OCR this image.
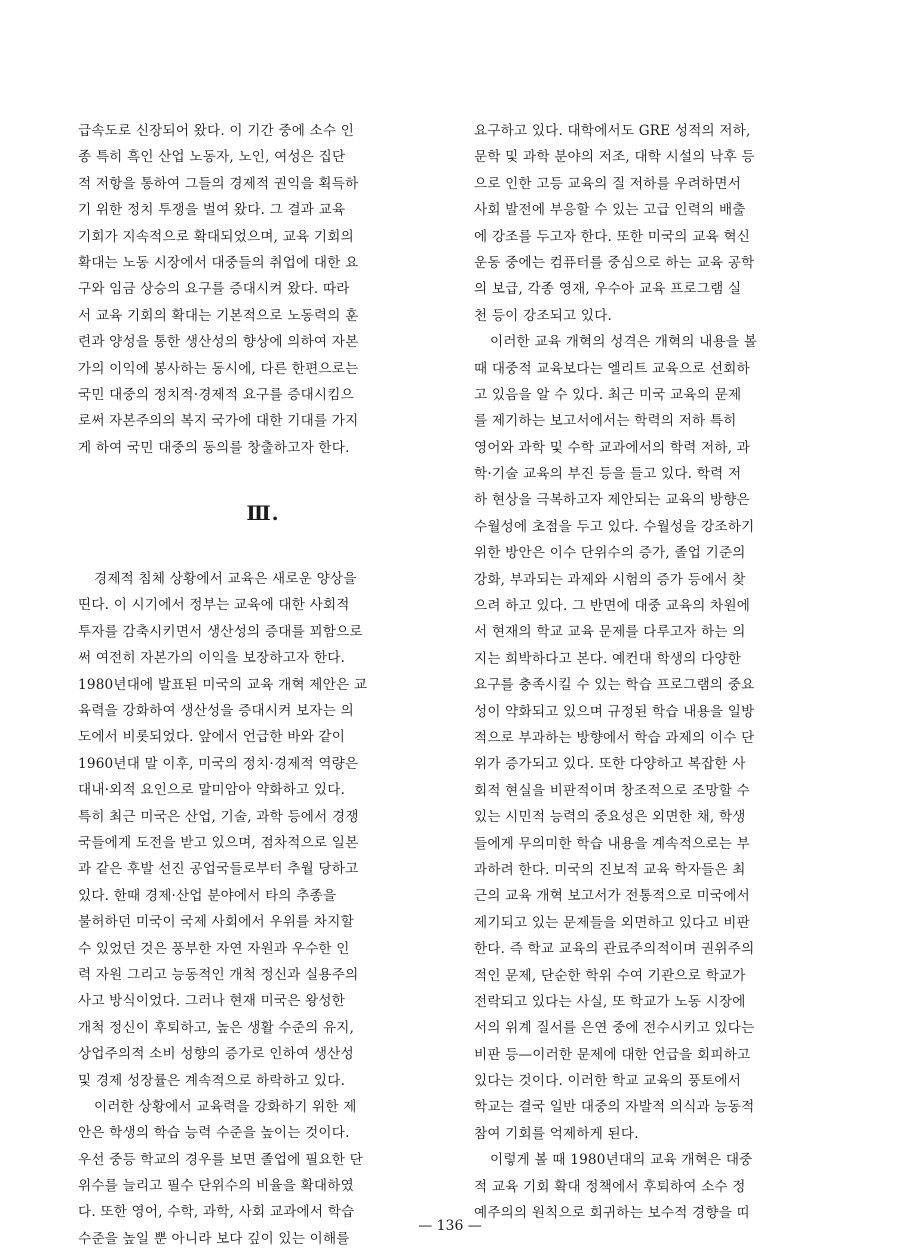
급속도로 신장되어 왔다. 이 기간 중에 소수 인
종 특히 흑인 산업 노동자, 노인, 여성은 집단
적 저항을 통하여 그들의 경제적 권익을 획득하
기 위한 정치 투쟁을 벌여 왔다. 그 결과 교육
기회가 지속적으로 확대되었으며, 교육 기회의
확대는 노동 시장에서 대중들의 취업에 대한 요
구와 임금 상승의 요구를 증대시켜 왔다. 따라
서 교육 기회의 확대는 기본적으로 노동력의 훈
련과 양성을 통한 생산성의 향상에 의하여 자본
가의 이익에 봉사하는 동시에, 다른 한편으로는
국민 대중의 정치적·경제적 요구를 증대시킴으
로써 자본주의의 복지 국가에 대한 기대를 가지
게 하여 국민 대중의 동의를 창출하고자 한다.
Ⅲ.
경제적 침체 상황에서 교육은 새로운 양상을
띤다. 이 시기에서 정부는 교육에 대한 사회적
투자를 감축시키면서 생산성의 증대를 꾀함으로
써 여전히 자본가의 이익을 보장하고자 한다.
1980년대에 발표된 미국의 교육 개혁 제안은 교
육력을 강화하여 생산성을 증대시켜 보자는 의
도에서 비롯되었다. 앞에서 언급한 바와 같이
1960년대 말 이후, 미국의 정치·경제적 역량은
대내·외적 요인으로 말미암아 약화하고 있다.
특히 최근 미국은 산업, 기술, 과학 등에서 경쟁
국들에게 도전을 받고 있으며, 점차적으로 일본
과 같은 후발 선진 공업국들로부터 추월 당하고
있다. 한때 경제·산업 분야에서 타의 추종을
불허하던 미국이 국제 사회에서 우위를 차지할
수 있었던 것은 풍부한 자연 자원과 우수한 인
력 자원 그리고 능동적인 개척 정신과 실용주의
사고 방식이었다. 그러나 현재 미국은 왕성한
개척 정신이 후퇴하고, 높은 생활 수준의 유지,
상업주의적 소비 성향의 증가로 인하여 생산성
및 경제 성장률은 계속적으로 하락하고 있다.
이러한 상황에서 교육력을 강화하기 위한 제
안은 학생의 학습 능력 수준을 높이는 것이다.
우선 중등 학교의 경우를 보면 졸업에 필요한 단
위수를 늘리고 필수 단위수의 비율을 확대하였
다. 또한 영어, 수학, 과학, 사회 교과에서 학습
수준을 높일 뿐 아니라 보다 깊이 있는 이해를
요구하고 있다. 대학에서도 GRE 성적의 저하,
문학 및 과학 분야의 저조, 대학 시설의 낙후 등
으로 인한 고등 교육의 질 저하를 우려하면서
사회 발전에 부응할 수 있는 고급 인력의 배출
에 강조를 두고자 한다. 또한 미국의 교육 혁신
운동 중에는 컴퓨터를 중심으로 하는 교육 공학
의 보급, 각종 영재, 우수아 교육 프로그램 실
천 등이 강조되고 있다.
이러한 교육 개혁의 성격은 개혁의 내용을 볼
때 대중적 교육보다는 엘리트 교육으로 선회하
고 있음을 알 수 있다. 최근 미국 교육의 문제
를 제기하는 보고서에서는 학력의 저하 특히
영어와 과학 및 수학 교과에서의 학력 저하, 과
학·기술 교육의 부진 등을 들고 있다. 학력 저
하 현상을 극복하고자 제안되는 교육의 방향은
수월성에 초점을 두고 있다. 수월성을 강조하기
위한 방안은 이수 단위수의 증가, 졸업 기준의
강화, 부과되는 과제와 시험의 증가 등에서 찾
으려 하고 있다. 그 반면에 대중 교육의 차원에
서 현재의 학교 교육 문제를 다루고자 하는 의
지는 희박하다고 본다. 예컨대 학생의 다양한
요구를 충족시킬 수 있는 학습 프로그램의 중요
성이 약화되고 있으며 규정된 학습 내용을 일방
적으로 부과하는 방향에서 학습 과제의 이수 단
위가 증가되고 있다. 또한 다양하고 복잡한 사
회적 현실을 비판적이며 창조적으로 조망할 수
있는 시민적 능력의 중요성은 외면한 채, 학생
들에게 무의미한 학습 내용을 계속적으로는 부
과하려 한다. 미국의 진보적 교육 학자들은 최
근의 교육 개혁 보고서가 전통적으로 미국에서
제기되고 있는 문제들을 외면하고 있다고 비판
한다. 즉 학교 교육의 관료주의적이며 권위주의
적인 문제, 단순한 학위 수여 기관으로 학교가
전락되고 있다는 사실, 또 학교가 노동 시장에
서의 위계 질서를 은연 중에 전수시키고 있다는
비판 등—이러한 문제에 대한 언급을 회피하고
있다는 것이다. 이러한 학교 교육의 풍토에서
학교는 결국 일반 대중의 자발적 의식과 능동적
참여 기회를 억제하게 된다.
이렇게 볼 때 1980년대의 교육 개혁은 대중
적 교육 기회 확대 정책에서 후퇴하여 소수 정
예주의의 원칙으로 회귀하는 보수적 경향을 띠
— 136 —
